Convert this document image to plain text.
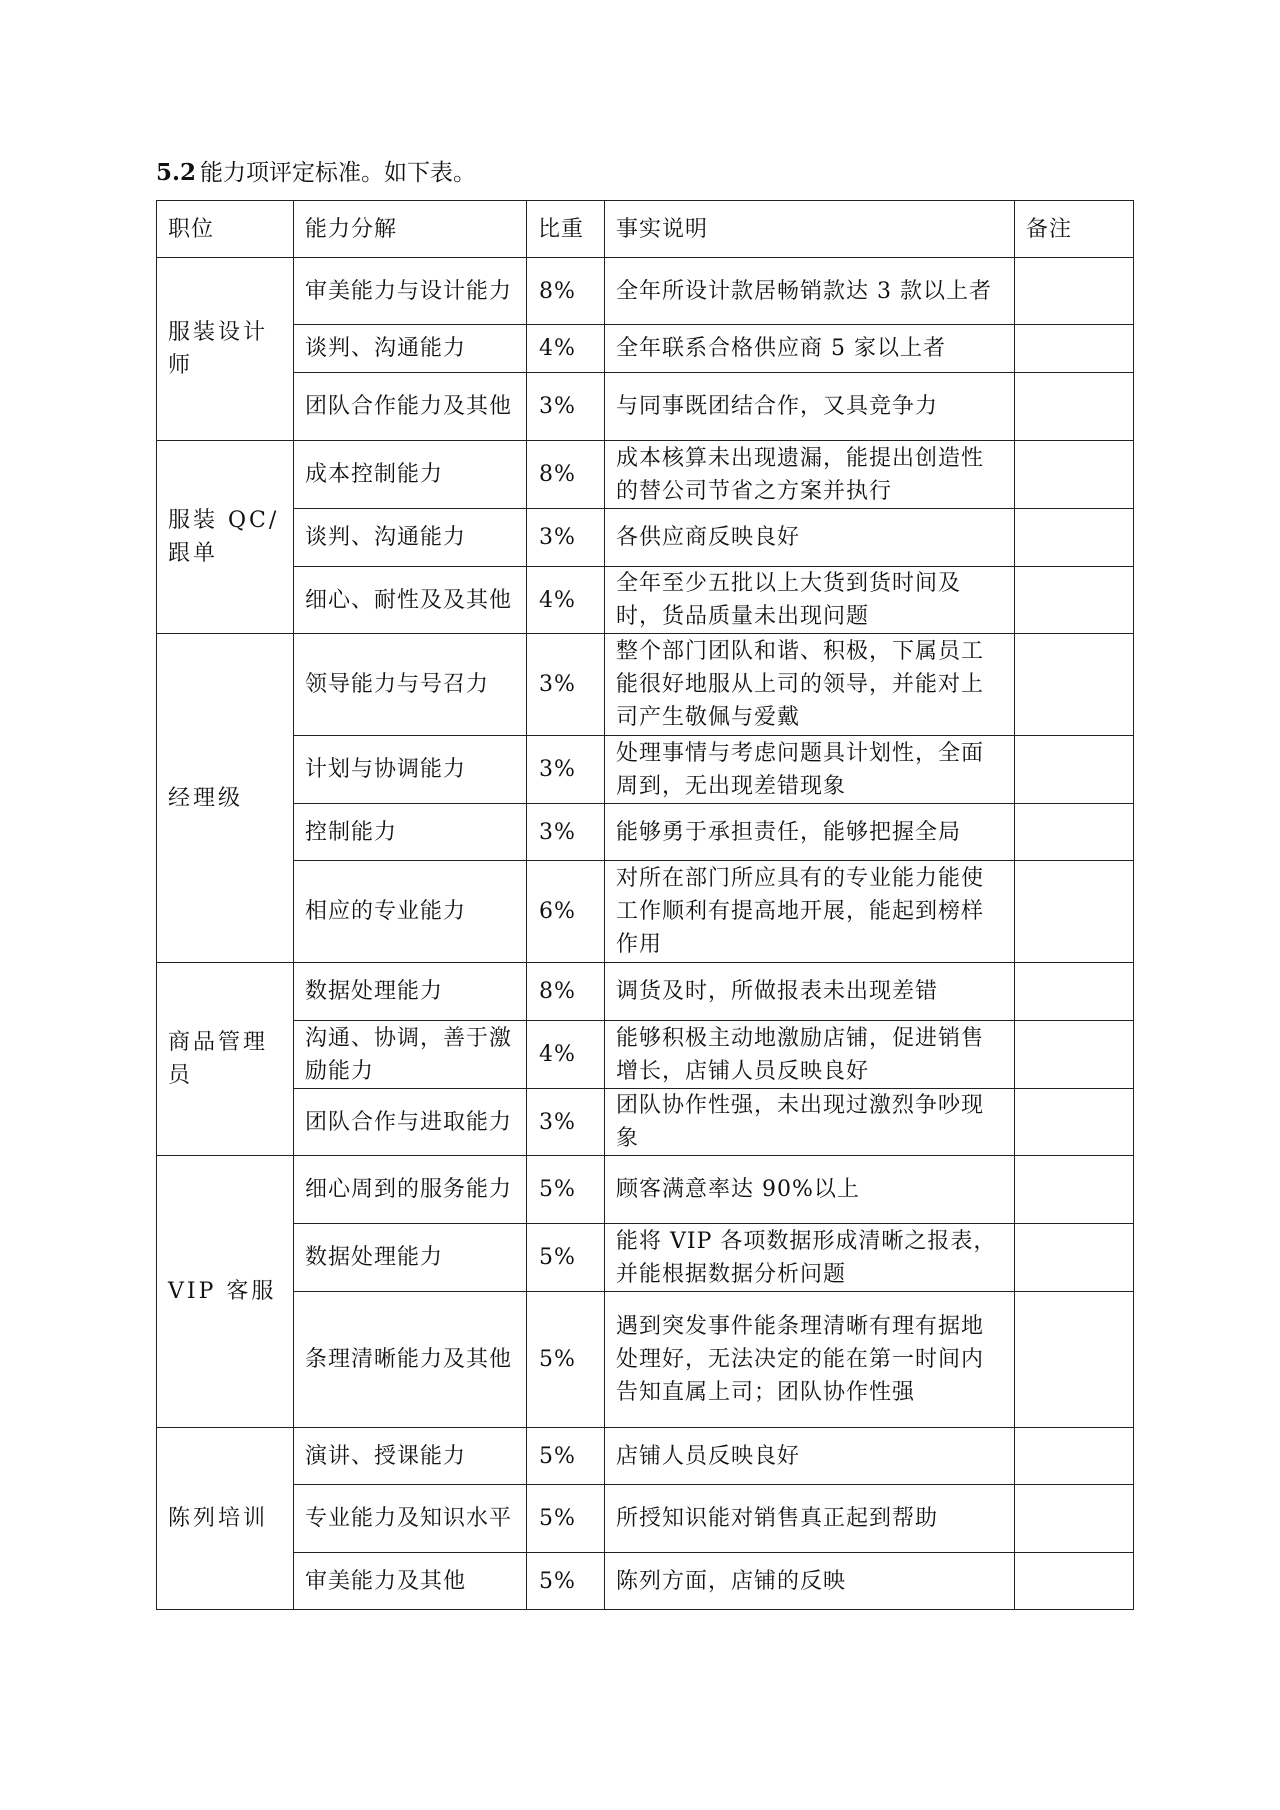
5.2 能力项评定标准。如下表。
职位	能力分解	比重	事实说明	备注
服装设计师	审美能力与设计能力	8%	全年所设计款居畅销款达 3 款以上者	
	谈判、沟通能力	4%	全年联系合格供应商 5 家以上者	
	团队合作能力及其他	3%	与同事既团结合作，又具竞争力	
服装 QC/跟单	成本控制能力	8%	成本核算未出现遗漏，能提出创造性的替公司节省之方案并执行	
	谈判、沟通能力	3%	各供应商反映良好	
	细心、耐性及及其他	4%	全年至少五批以上大货到货时间及时，货品质量未出现问题	
经理级	领导能力与号召力	3%	整个部门团队和谐、积极，下属员工能很好地服从上司的领导，并能对上司产生敬佩与爱戴	
	计划与协调能力	3%	处理事情与考虑问题具计划性，全面周到，无出现差错现象	
	控制能力	3%	能够勇于承担责任，能够把握全局	
	相应的专业能力	6%	对所在部门所应具有的专业能力能使工作顺利有提高地开展，能起到榜样作用	
商品管理员	数据处理能力	8%	调货及时，所做报表未出现差错	
	沟通、协调，善于激励能力	4%	能够积极主动地激励店铺，促进销售增长，店铺人员反映良好	
	团队合作与进取能力	3%	团队协作性强，未出现过激烈争吵现象	
VIP 客服	细心周到的服务能力	5%	顾客满意率达 90%以上	
	数据处理能力	5%	能将 VIP 各项数据形成清晰之报表，并能根据数据分析问题	
	条理清晰能力及其他	5%	遇到突发事件能条理清晰有理有据地处理好，无法决定的能在第一时间内告知直属上司；团队协作性强	
陈列培训	演讲、授课能力	5%	店铺人员反映良好	
	专业能力及知识水平	5%	所授知识能对销售真正起到帮助	
	审美能力及其他	5%	陈列方面，店铺的反映	
